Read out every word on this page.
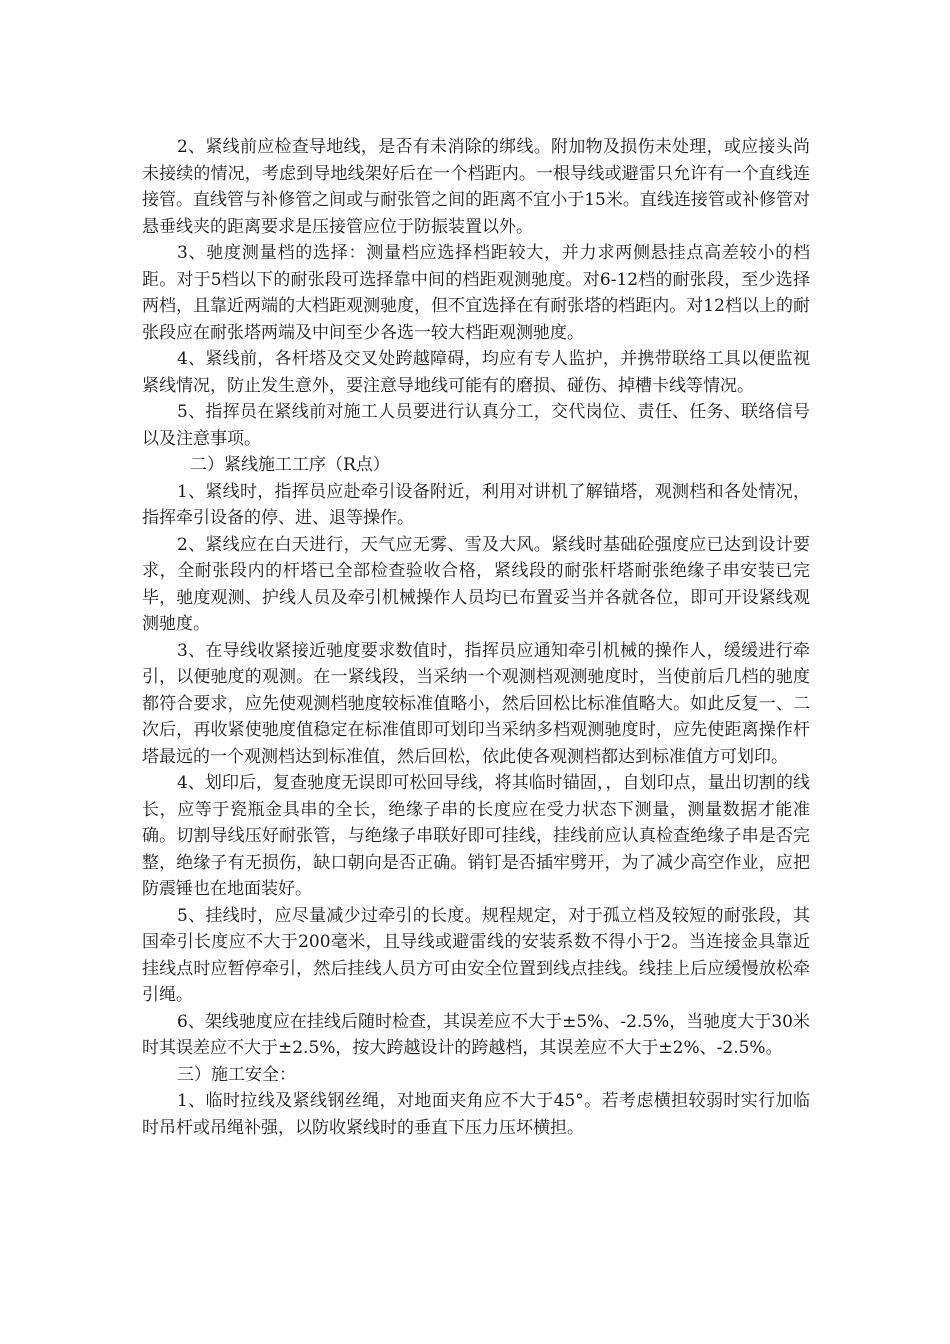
2、紧线前应检查导地线，是否有未消除的绑线。附加物及损伤未处理，或应接头尚未接续的情况，考虑到导地线架好后在一个档距内。一根导线或避雷只允许有一个直线连接管。直线管与补修管之间或与耐张管之间的距离不宜小于15米。直线连接管或补修管对悬垂线夹的距离要求是压接管应位于防振装置以外。

3、驰度测量档的选择：测量档应选择档距较大，并力求两侧悬挂点高差较小的档距。对于5档以下的耐张段可选择靠中间的档距观测驰度。对6-12档的耐张段，至少选择两档，且靠近两端的大档距观测驰度，但不宜选择在有耐张塔的档距内。对12档以上的耐张段应在耐张塔两端及中间至少各选一较大档距观测驰度。

4、紧线前，各杆塔及交叉处跨越障碍，均应有专人监护，并携带联络工具以便监视紧线情况，防止发生意外，要注意导地线可能有的磨损、碰伤、掉槽卡线等情况。

5、指挥员在紧线前对施工人员要进行认真分工，交代岗位、责任、任务、联络信号以及注意事项。

二）紧线施工工序（R点）

1、紧线时，指挥员应赴牵引设备附近，利用对讲机了解锚塔，观测档和各处情况，指挥牵引设备的停、进、退等操作。

2、紧线应在白天进行，天气应无雾、雪及大风。紧线时基础砼强度应已达到设计要求，全耐张段内的杆塔已全部检查验收合格，紧线段的耐张杆塔耐张绝缘子串安装已完毕，驰度观测、护线人员及牵引机械操作人员均已布置妥当并各就各位，即可开设紧线观测驰度。

3、在导线收紧接近驰度要求数值时，指挥员应通知牵引机械的操作人，缓缓进行牵引，以便驰度的观测。在一紧线段，当采纳一个观测档观测驰度时，当使前后几档的驰度都符合要求，应先使观测档驰度较标准值略小，然后回松比标准值略大。如此反复一、二次后，再收紧使驰度值稳定在标准值即可划印当采纳多档观测驰度时，应先使距离操作杆塔最远的一个观测档达到标准值，然后回松，依此使各观测档都达到标准值方可划印。

4、划印后，复查驰度无误即可松回导线，将其临时锚固，，自划印点，量出切割的线长，应等于瓷瓶金具串的全长，绝缘子串的长度应在受力状态下测量，测量数据才能准确。切割导线压好耐张管，与绝缘子串联好即可挂线，挂线前应认真检查绝缘子串是否完整，绝缘子有无损伤，缺口朝向是否正确。销钉是否插牢劈开，为了减少高空作业，应把防震锤也在地面装好。

5、挂线时，应尽量减少过牵引的长度。规程规定，对于孤立档及较短的耐张段，其国牵引长度应不大于200毫米，且导线或避雷线的安装系数不得小于2。当连接金具靠近挂线点时应暂停牵引，然后挂线人员方可由安全位置到线点挂线。线挂上后应缓慢放松牵引绳。

6、架线驰度应在挂线后随时检查，其误差应不大于±5%、-2.5%，当驰度大于30米时其误差应不大于±2.5%，按大跨越设计的跨越档，其误差应不大于±2%、-2.5%。

三）施工安全：

1、临时拉线及紧线钢丝绳，对地面夹角应不大于45°。若考虑横担较弱时实行加临时吊杆或吊绳补强，以防收紧线时的垂直下压力压坏横担。
